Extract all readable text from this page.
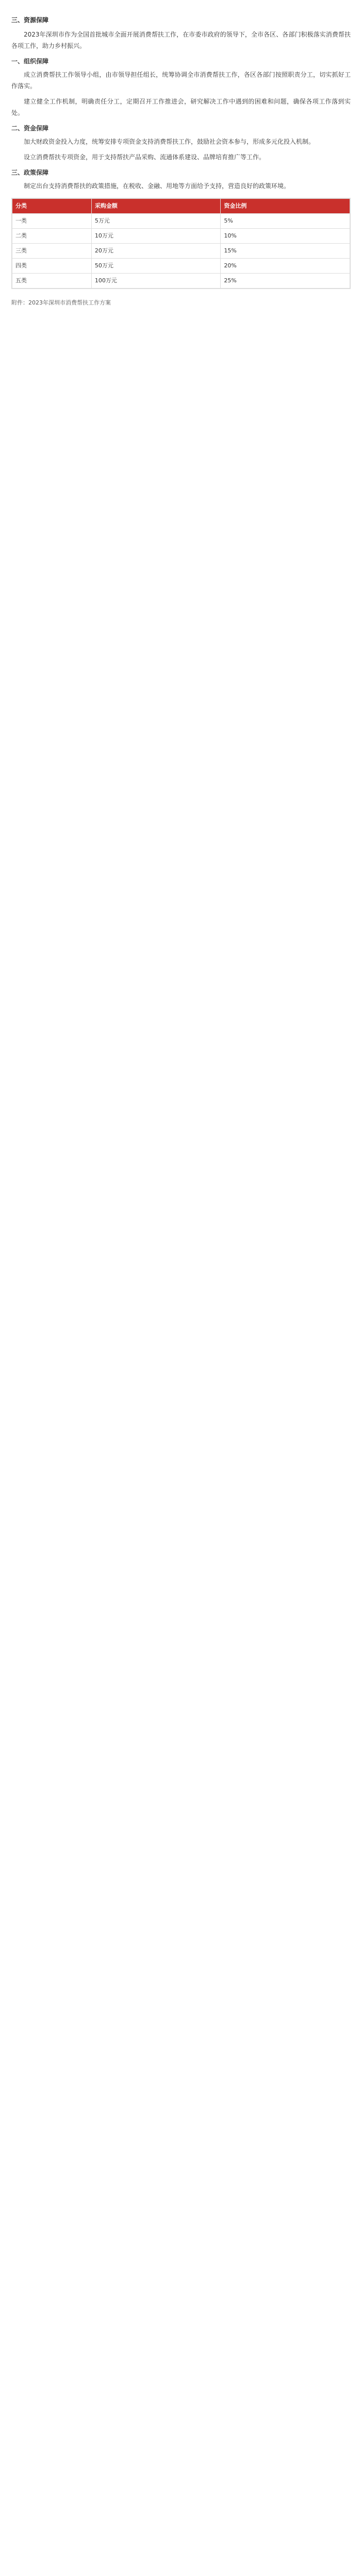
三、资源保障

2023年深圳市作为全国首批城市全面开展消费帮扶工作，在市委市政府的领导下，全市各区、各部门积极落实消费帮扶各项工作，助力乡村振兴。

一、组织保障

成立消费帮扶工作领导小组，由市领导担任组长，统筹协调全市消费帮扶工作，各区各部门按照职责分工，切实抓好工作落实。

建立健全工作机制，明确责任分工，定期召开工作推进会，研究解决工作中遇到的困难和问题，确保各项工作落到实处。

二、资金保障

加大财政资金投入力度，统筹安排专项资金支持消费帮扶工作，鼓励社会资本参与，形成多元化投入机制。

设立消费帮扶专项资金，用于支持帮扶产品采购、流通体系建设、品牌培育推广等工作。

三、政策保障

制定出台支持消费帮扶的政策措施，在税收、金融、用地等方面给予支持，营造良好的政策环境。

分类	采购金额	资金比例
一类	5万元	5%
二类	10万元	10%
三类	20万元	15%
四类	50万元	20%
五类	100万元	25%
附件：2023年深圳市消费帮扶工作方案
